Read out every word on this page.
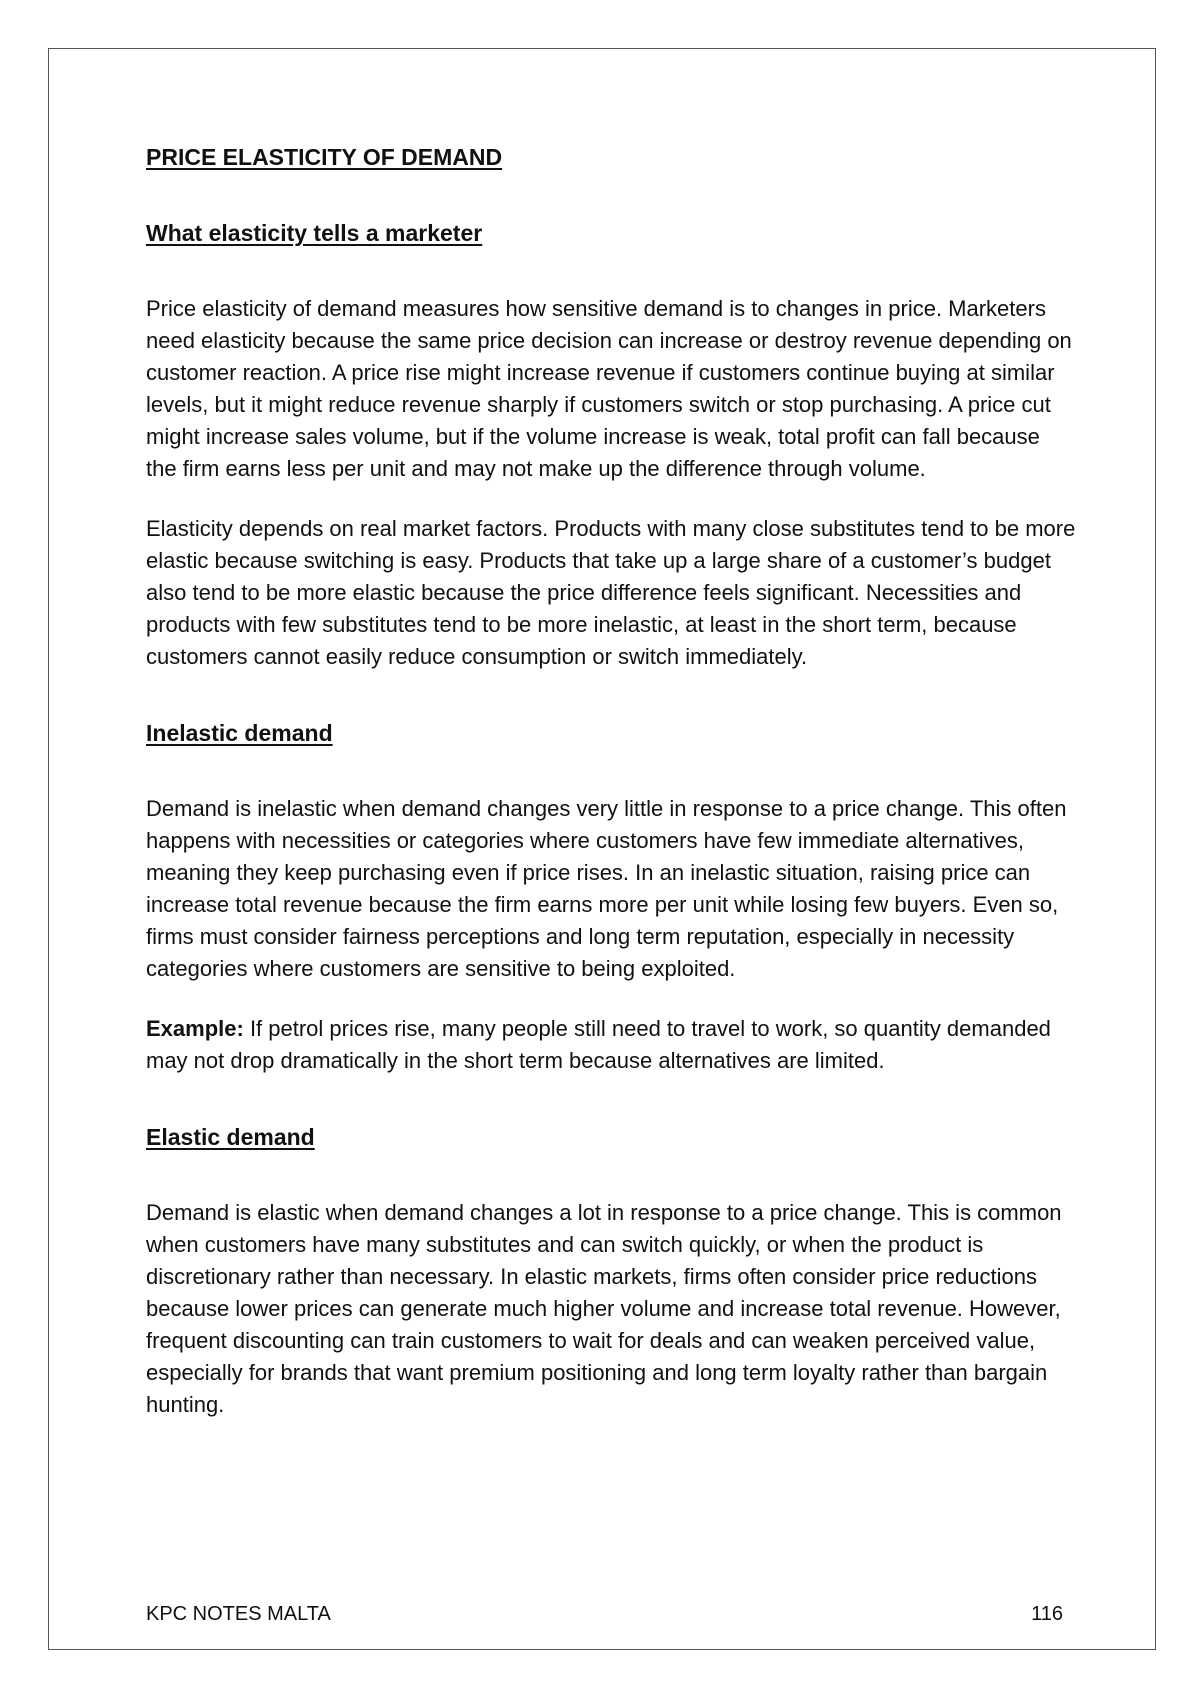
PRICE ELASTICITY OF DEMAND
What elasticity tells a marketer

Price elasticity of demand measures how sensitive demand is to changes in price. Marketers need elasticity because the same price decision can increase or destroy revenue depending on customer reaction. A price rise might increase revenue if customers continue buying at similar levels, but it might reduce revenue sharply if customers switch or stop purchasing. A price cut might increase sales volume, but if the volume increase is weak, total profit can fall because the firm earns less per unit and may not make up the difference through volume.

Elasticity depends on real market factors. Products with many close substitutes tend to be more elastic because switching is easy. Products that take up a large share of a customer’s budget also tend to be more elastic because the price difference feels significant. Necessities and products with few substitutes tend to be more inelastic, at least in the short term, because customers cannot easily reduce consumption or switch immediately.

Inelastic demand

Demand is inelastic when demand changes very little in response to a price change. This often happens with necessities or categories where customers have few immediate alternatives, meaning they keep purchasing even if price rises. In an inelastic situation, raising price can increase total revenue because the firm earns more per unit while losing few buyers. Even so, firms must consider fairness perceptions and long term reputation, especially in necessity categories where customers are sensitive to being exploited.

Example: If petrol prices rise, many people still need to travel to work, so quantity demanded may not drop dramatically in the short term because alternatives are limited.

Elastic demand

Demand is elastic when demand changes a lot in response to a price change. This is common when customers have many substitutes and can switch quickly, or when the product is discretionary rather than necessary. In elastic markets, firms often consider price reductions because lower prices can generate much higher volume and increase total revenue. However, frequent discounting can train customers to wait for deals and can weaken perceived value, especially for brands that want premium positioning and long term loyalty rather than bargain hunting.

KPC NOTES MALTA	116
